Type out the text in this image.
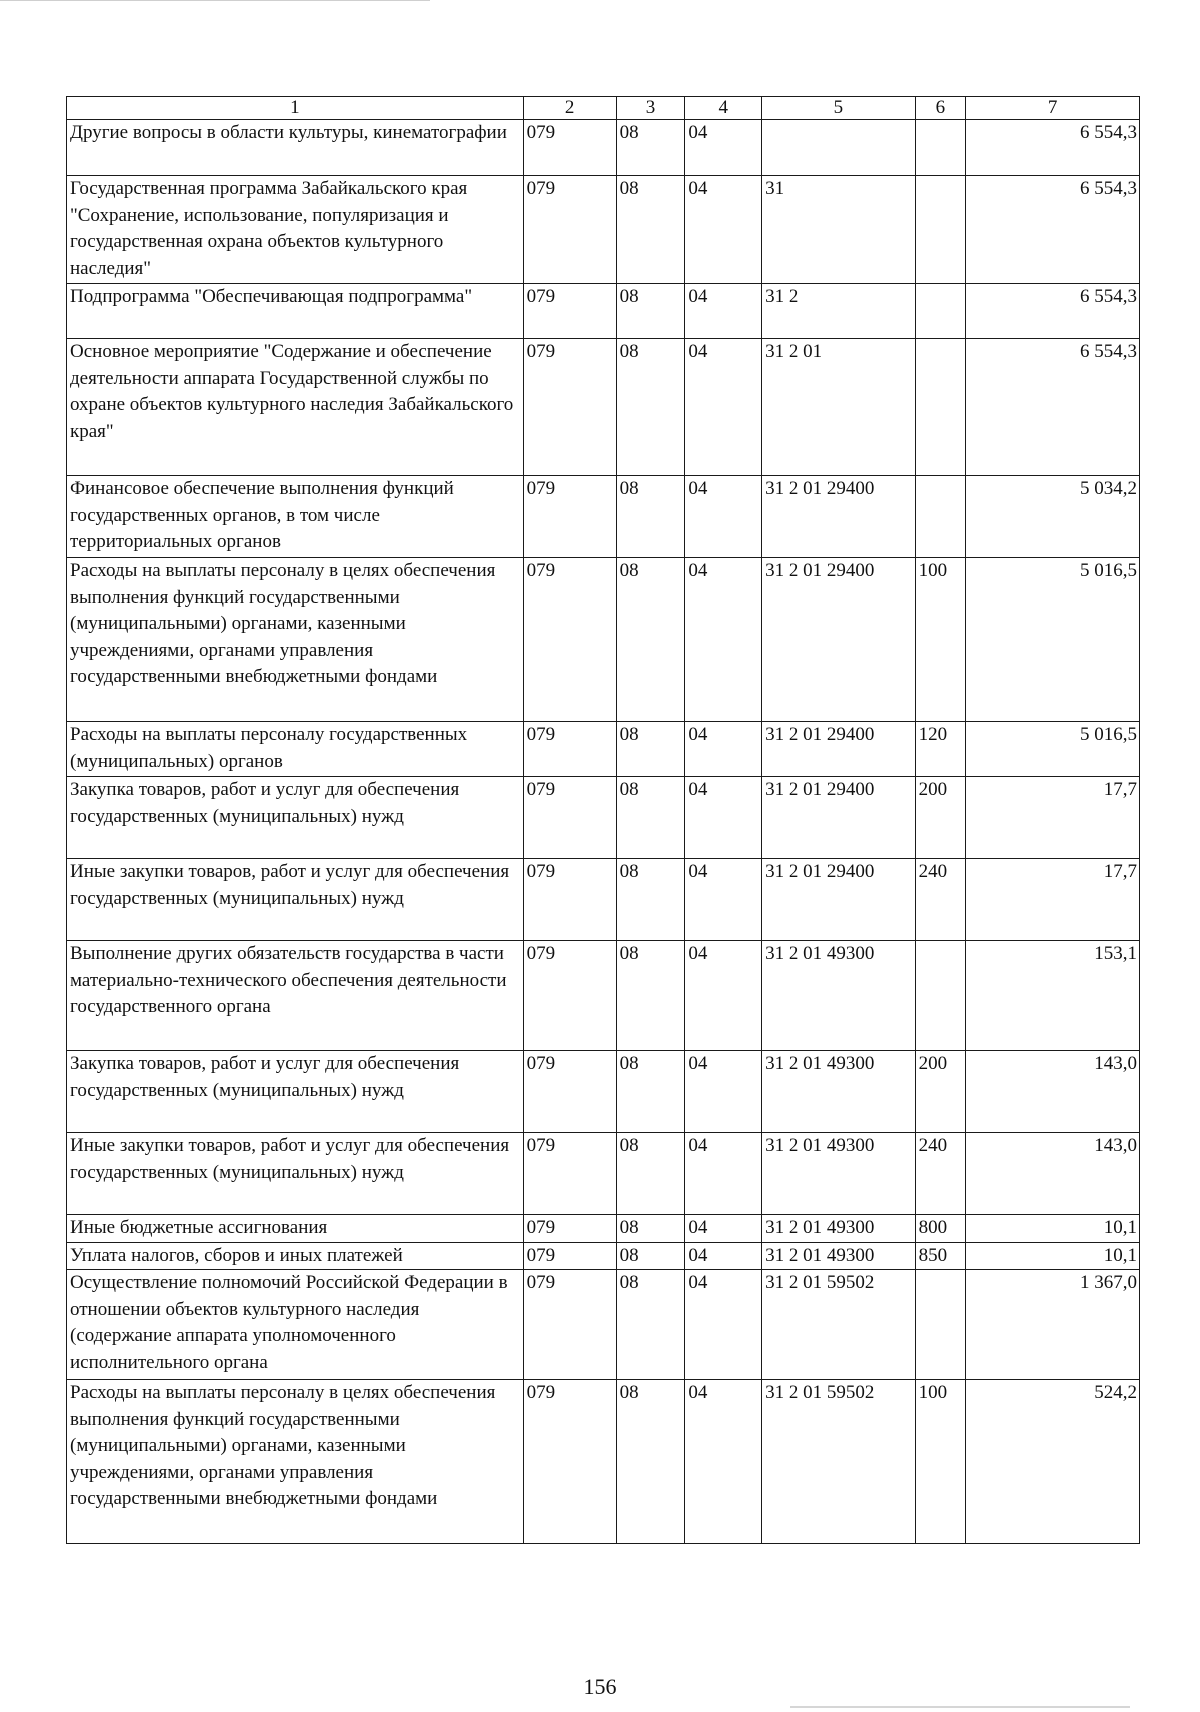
1	2	3	4	5	6	7
Другие вопросы в области культуры, кинематографии	079	08	04			6 554,3
Государственная программа Забайкальского края "Сохранение, использование, популяризация и государственная охрана объектов культурного наследия"	079	08	04	31		6 554,3
Подпрограмма "Обеспечивающая подпрограмма"	079	08	04	31 2		6 554,3
Основное мероприятие "Содержание и обеспечение деятельности аппарата Государственной службы по охране объектов культурного наследия Забайкальского края"	079	08	04	31 2 01		6 554,3
Финансовое обеспечение выполнения функций государственных органов, в том числе территориальных органов	079	08	04	31 2 01 29400		5 034,2
Расходы на выплаты персоналу в целях обеспечения выполнения функций государственными (муниципальными) органами, казенными учреждениями, органами управления государственными внебюджетными фондами	079	08	04	31 2 01 29400	100	5 016,5
Расходы на выплаты персоналу государственных (муниципальных) органов	079	08	04	31 2 01 29400	120	5 016,5
Закупка товаров, работ и услуг для обеспечения государственных (муниципальных) нужд	079	08	04	31 2 01 29400	200	17,7
Иные закупки товаров, работ и услуг для обеспечения государственных (муниципальных) нужд	079	08	04	31 2 01 29400	240	17,7
Выполнение других обязательств государства в части материально-технического обеспечения деятельности государственного органа	079	08	04	31 2 01 49300		153,1
Закупка товаров, работ и услуг для обеспечения государственных (муниципальных) нужд	079	08	04	31 2 01 49300	200	143,0
Иные закупки товаров, работ и услуг для обеспечения государственных (муниципальных) нужд	079	08	04	31 2 01 49300	240	143,0
Иные бюджетные ассигнования	079	08	04	31 2 01 49300	800	10,1
Уплата налогов, сборов и иных платежей	079	08	04	31 2 01 49300	850	10,1
Осуществление полномочий Российской Федерации в отношении объектов культурного наследия (содержание аппарата уполномоченного исполнительного органа	079	08	04	31 2 01 59502		1 367,0
Расходы на выплаты персоналу в целях обеспечения выполнения функций государственными (муниципальными) органами, казенными учреждениями, органами управления государственными внебюджетными фондами	079	08	04	31 2 01 59502	100	524,2
156
